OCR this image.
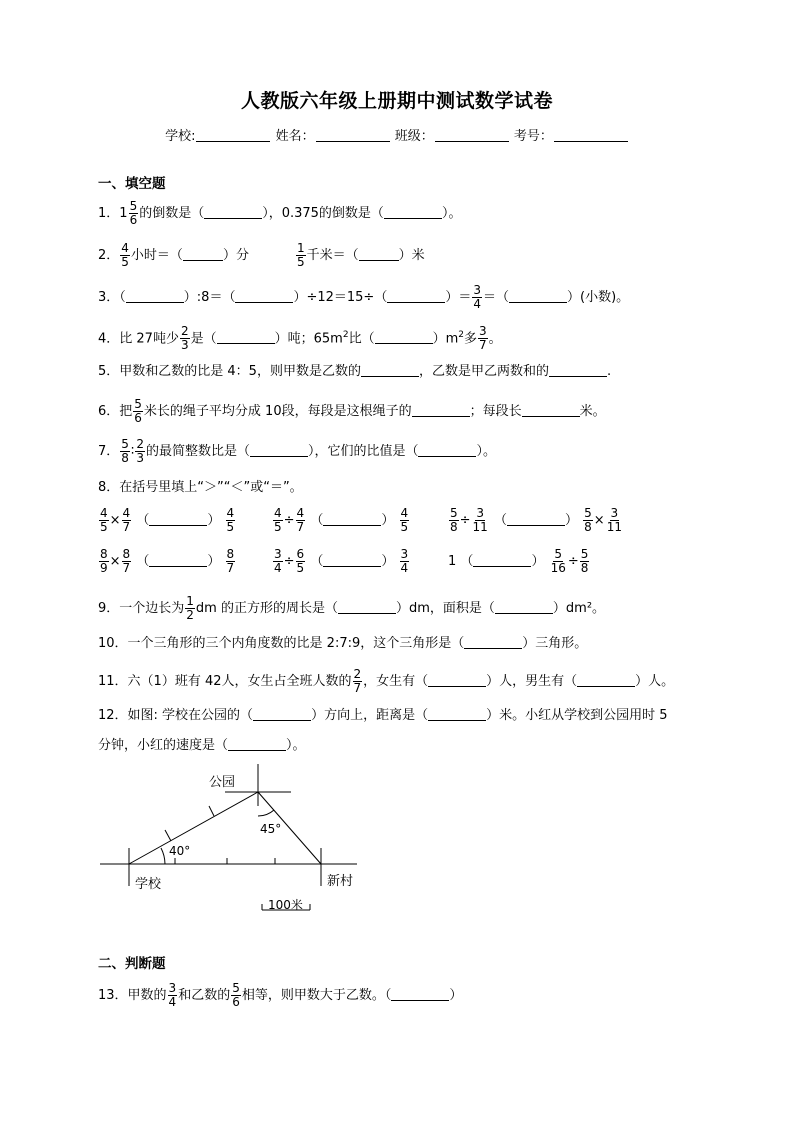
人教版六年级上册期中测试数学试卷
学校:	姓名：	班级：	考号：
一、填空题
1．$1 \frac{5}{6}$ 的倒数是（	），0.375的倒数是（	）。
2． $\frac{4}{5}$ 小时＝（	）分	$\frac{1}{5}$ 千米＝（	）米
3．（	）:8＝（	）÷12＝15÷（	）＝ $\frac{3}{4}$ ＝（	）(小数)。
4．比 27吨少 $\frac{2}{3}$ 是（	）吨；$65m^2$比（	）$m^2$多 $\frac{3}{7}$ 。
5．甲数和乙数的比是 4：5，则甲数是乙数的	，乙数是甲乙两数和的	.
6．把 $\frac{5}{6}$ 米长的绳子平均分成 10段，每段是这根绳子的	；每段长	米。
7． $\frac{5}{8}$ ∶ $\frac{2}{3}$ 的最简整数比是（	），它们的比值是（	）。
8．在括号里填上“＞”“＜”或“＝”。
$\frac{4}{5} \times \frac{4}{7}$ （	） $\frac{4}{5}$	$\frac{4}{5} \div \frac{4}{7}$ （	） $\frac{4}{5}$	$\frac{5}{8} \div \frac{3}{11}$ （	） $\frac{5}{8} \times \frac{3}{11}$
$\frac{8}{9} \times \frac{8}{7}$ （	） $\frac{8}{7}$	$\frac{3}{4} \div \frac{6}{5}$ （	） $\frac{3}{4}$	1 （	） $\frac{5}{16} \div \frac{5}{8}$
9．一个边长为 $\frac{1}{2}$ dm 的正方形的周长是（	）dm，面积是（	）dm²。
10．一个三角形的三个内角度数的比是 2:7:9，这个三角形是（	）三角形。
11．六（1）班有 42人，女生占全班人数的 $\frac{2}{7}$ ，女生有（	）人，男生有（	）人。
12．如图: 学校在公园的（	）方向上，距离是（	）米。小红从学校到公园用时 5
分钟，小红的速度是（	）。
公园
学校	新村
40°
45°
100米
二、判断题
13．甲数的 $\frac{3}{4}$ 和乙数的 $\frac{5}{6}$ 相等，则甲数大于乙数。（	）
